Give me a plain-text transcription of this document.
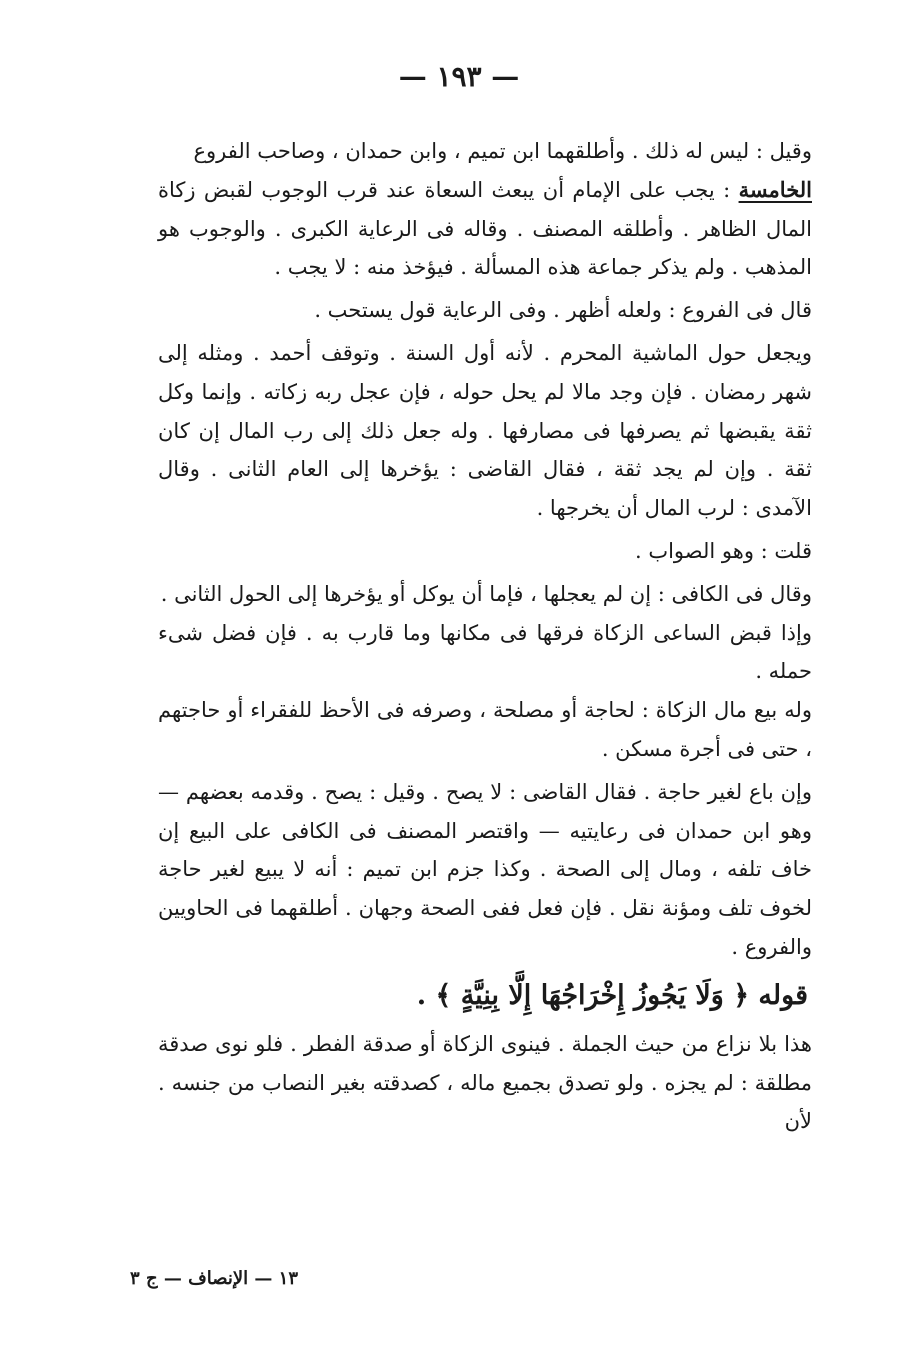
— ١٩٣ —

وقيل : ليس له ذلك . وأطلقهما ابن تميم ، وابن حمدان ، وصاحب الفروع

الخامسة : يجب على الإمام أن يبعث السعاة عند قرب الوجوب لقبض زكاة المال الظاهر . وأطلقه المصنف . وقاله فى الرعاية الكبرى . والوجوب هو المذهب . ولم يذكر جماعة هذه المسألة . فيؤخذ منه : لا يجب .

قال فى الفروع : ولعله أظهر . وفى الرعاية قول يستحب .

ويجعل حول الماشية المحرم . لأنه أول السنة . وتوقف أحمد . ومثله إلى شهر رمضان . فإن وجد مالا لم يحل حوله ، فإن عجل ربه زكاته . وإنما وكل ثقة يقبضها ثم يصرفها فى مصارفها . وله جعل ذلك إلى رب المال إن كان ثقة . وإن لم يجد ثقة ، فقال القاضى : يؤخرها إلى العام الثانى . وقال الآمدى : لرب المال أن يخرجها .

قلت : وهو الصواب .

وقال فى الكافى : إن لم يعجلها ، فإما أن يوكل أو يؤخرها إلى الحول الثانى .

وإذا قبض الساعى الزكاة فرقها فى مكانها وما قارب به . فإن فضل شىء حمله .

وله بيع مال الزكاة : لحاجة أو مصلحة ، وصرفه فى الأحظ للفقراء أو حاجتهم ، حتى فى أجرة مسكن .

وإن باع لغير حاجة . فقال القاضى : لا يصح . وقيل : يصح . وقدمه بعضهم — وهو ابن حمدان فى رعايتيه — واقتصر المصنف فى الكافى على البيع إن خاف تلفه ، ومال إلى الصحة . وكذا جزم ابن تميم : أنه لا يبيع لغير حاجة لخوف تلف ومؤنة نقل . فإن فعل ففى الصحة وجهان . أطلقهما فى الحاويين والفروع .

قوله ﴿ وَلَا يَجُوزُ إِخْرَاجُهَا إِلَّا بِنِيَّةٍ ﴾ .

هذا بلا نزاع من حيث الجملة . فينوى الزكاة أو صدقة الفطر . فلو نوى صدقة مطلقة : لم يجزه . ولو تصدق بجميع ماله ، كصدقته بغير النصاب من جنسه . لأن

١٣ — الإنصاف — ج ٣
